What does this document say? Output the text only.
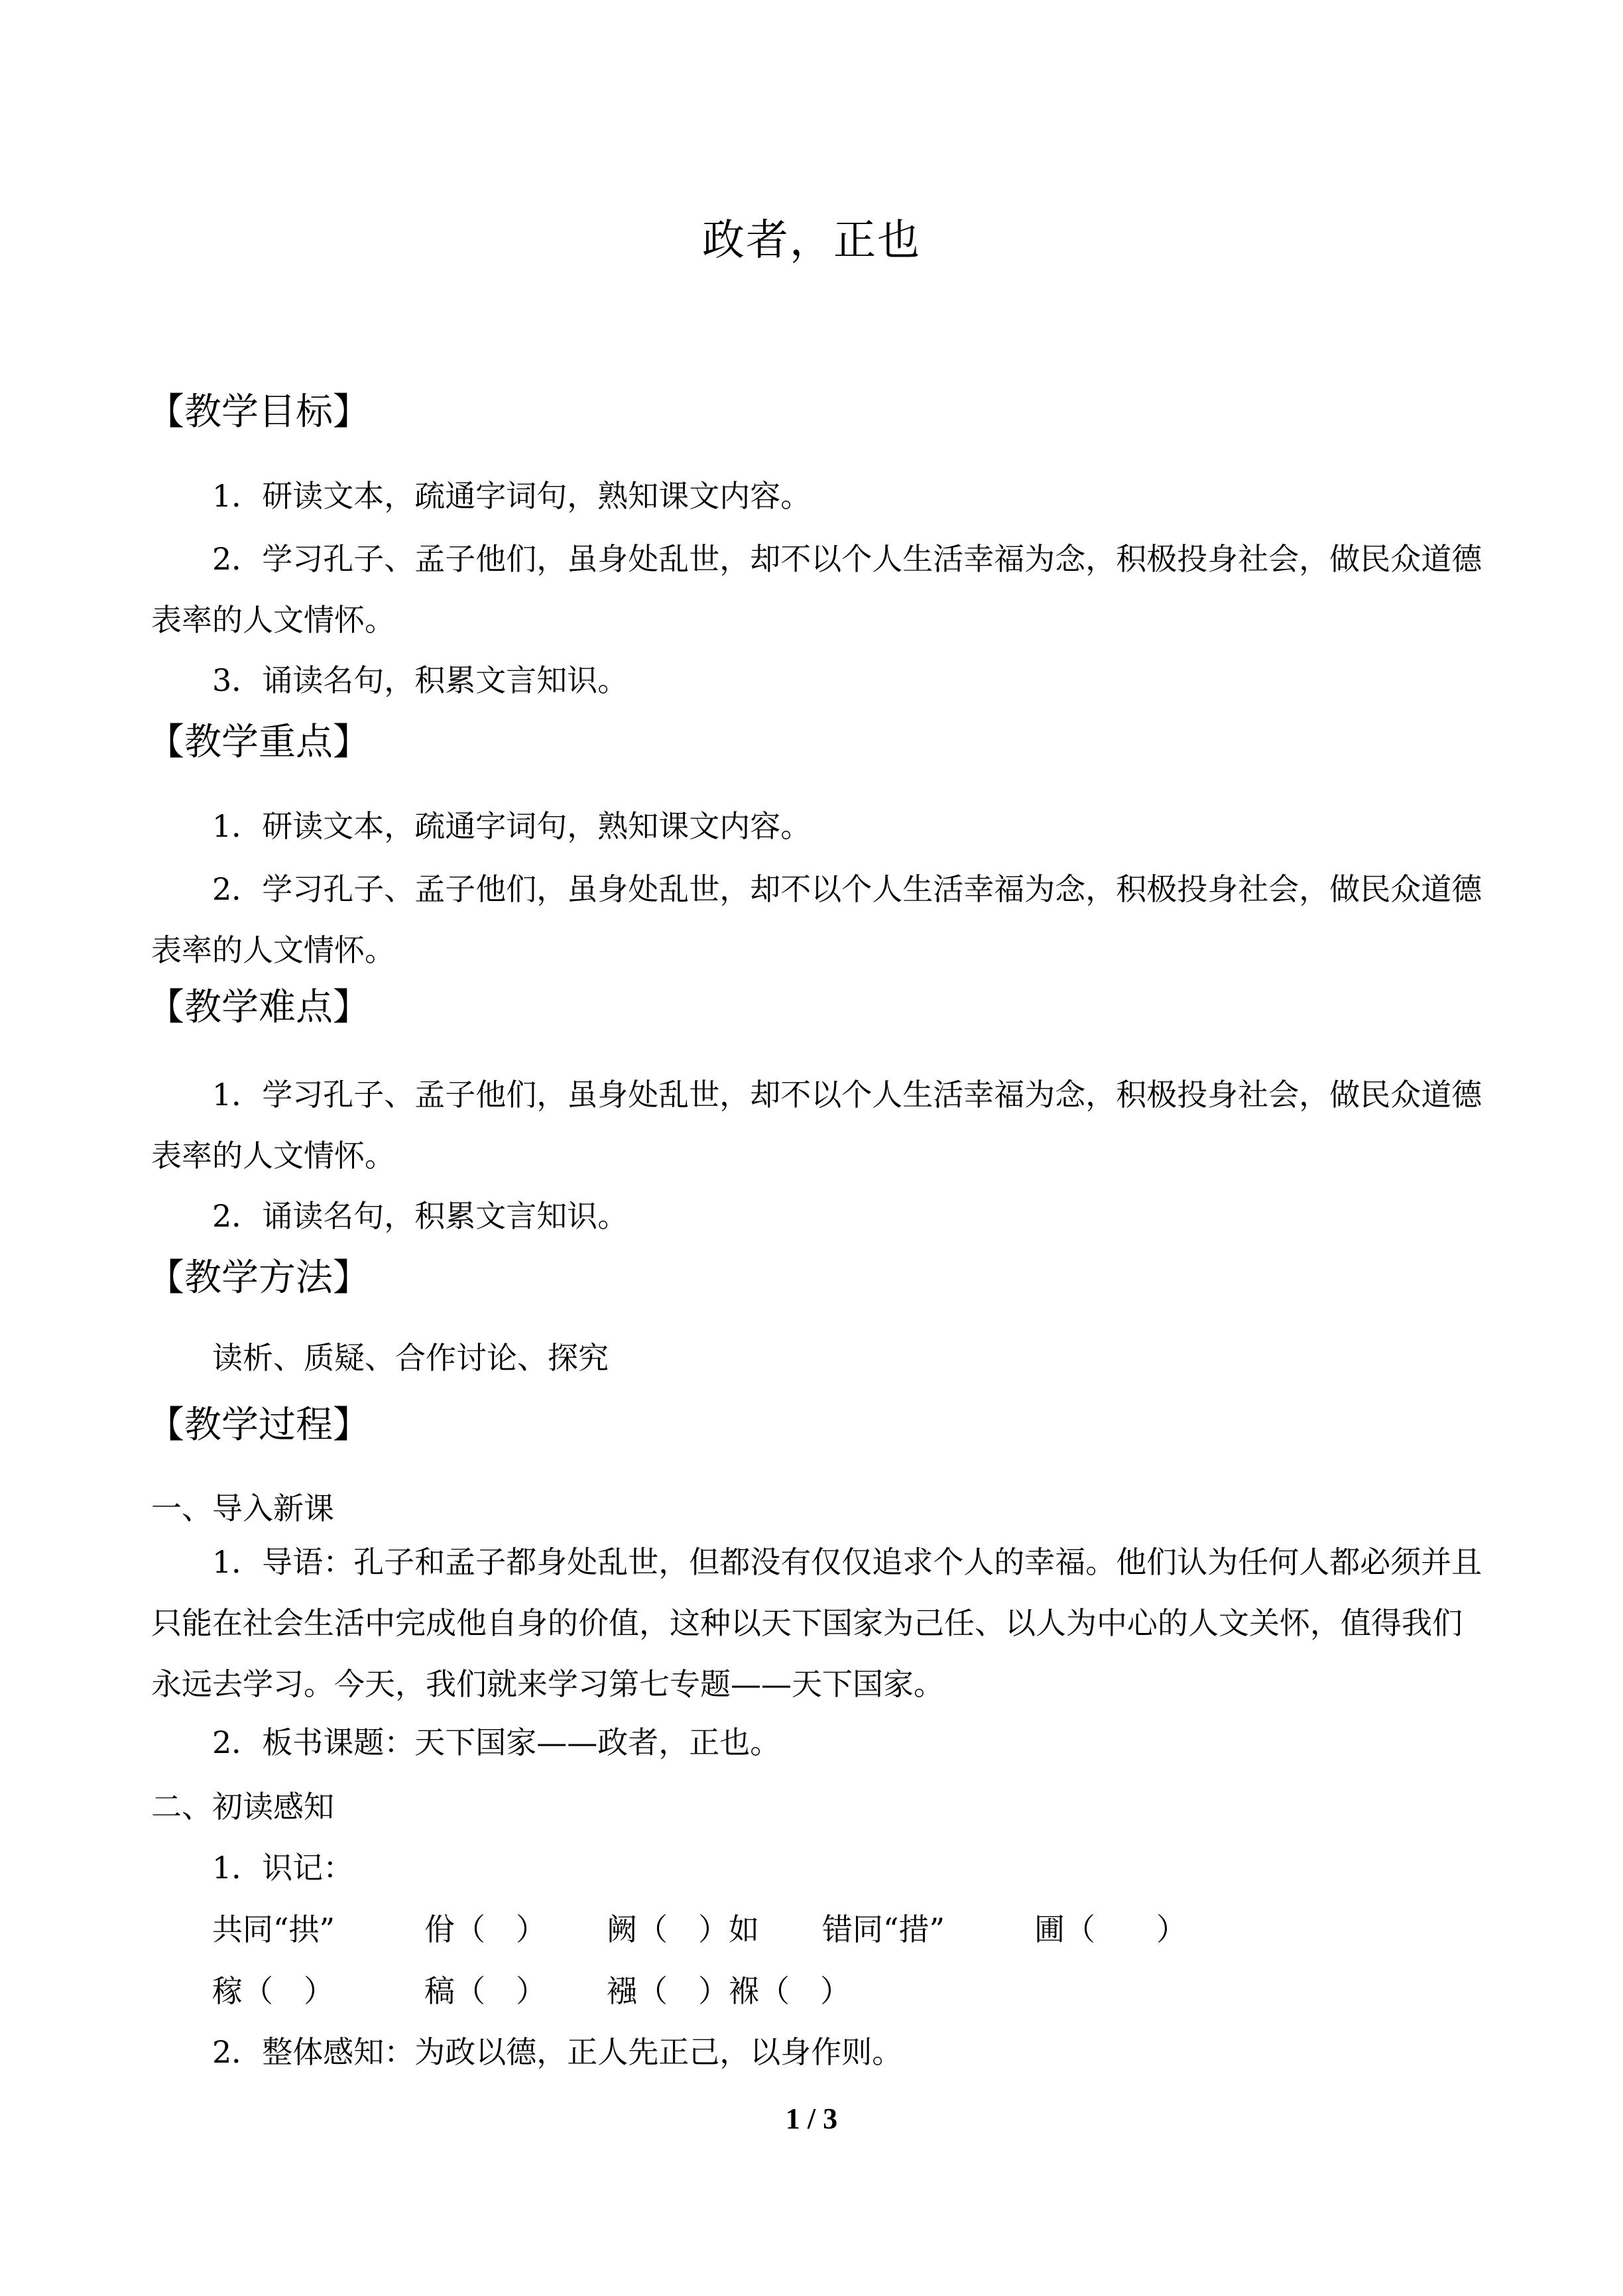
政者，正也
【教学目标】
1．研读文本，疏通字词句，熟知课文内容。
2．学习孔子、孟子他们，虽身处乱世，却不以个人生活幸福为念，积极投身社会，做民众道德表率的人文情怀。
3．诵读名句，积累文言知识。
【教学重点】
1．研读文本，疏通字词句，熟知课文内容。
2．学习孔子、孟子他们，虽身处乱世，却不以个人生活幸福为念，积极投身社会，做民众道德表率的人文情怀。
【教学难点】
1．学习孔子、孟子他们，虽身处乱世，却不以个人生活幸福为念，积极投身社会，做民众道德表率的人文情怀。
2．诵读名句，积累文言知识。
【教学方法】
读析、质疑、合作讨论、探究
【教学过程】
一、导入新课
1．导语：孔子和孟子都身处乱世，但都没有仅仅追求个人的幸福。他们认为任何人都必须并且只能在社会生活中完成他自身的价值，这种以天下国家为己任、以人为中心的人文关怀，值得我们永远去学习。今天，我们就来学习第七专题——天下国家。
2．板书课题：天下国家——政者，正也。
二、初读感知
1．识记：
共同“拱”	佾（　） 阙（　）如 错同“措”	圃（　　）
稼（　）	稿（　） 襁（　）褓（　）
2．整体感知：为政以德，正人先正己，以身作则。
1 / 3
